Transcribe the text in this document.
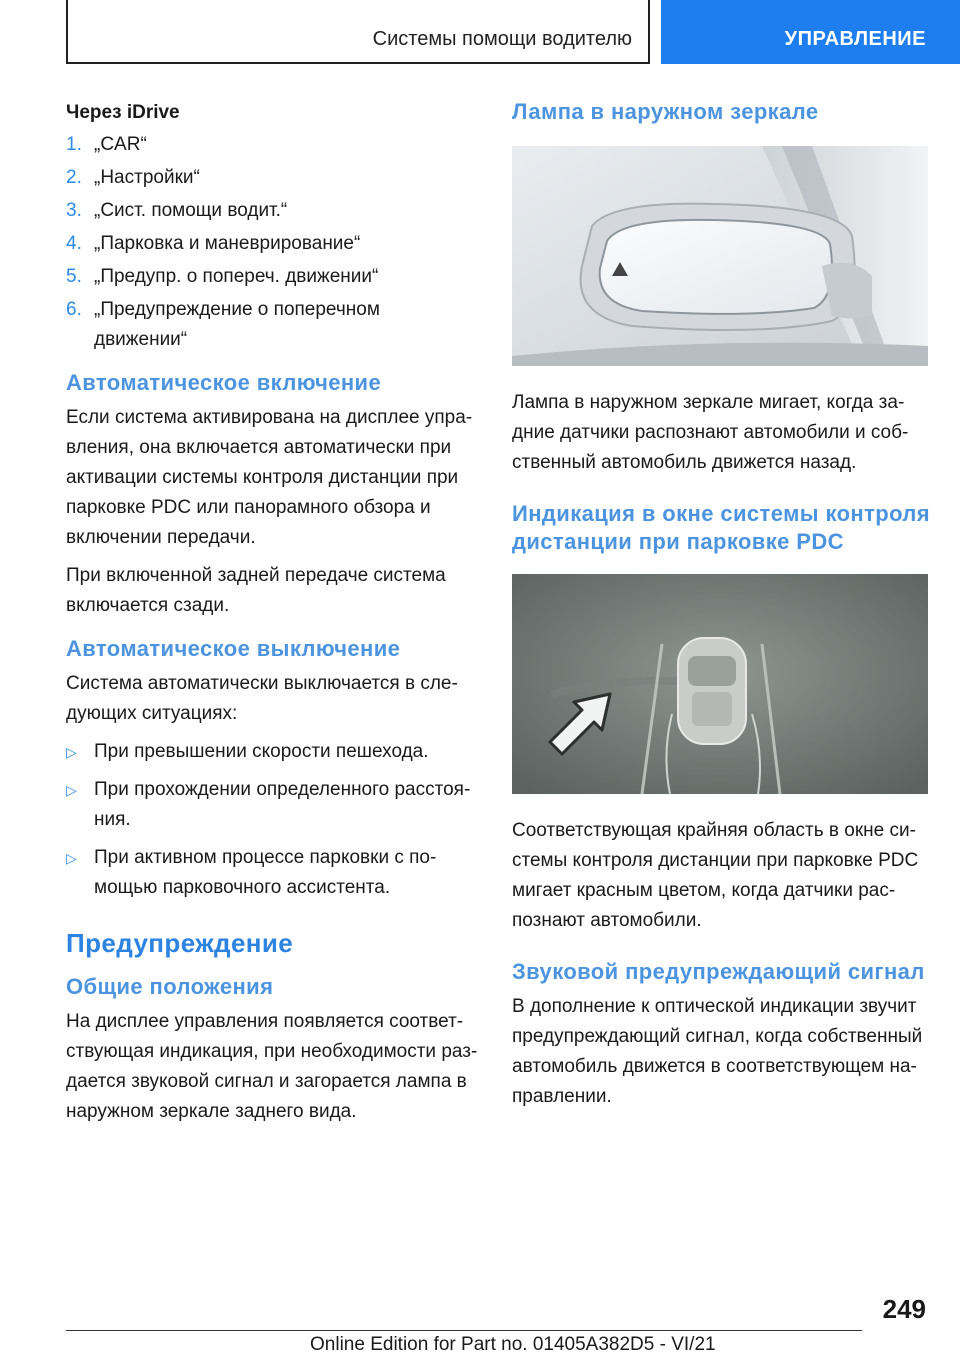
Системы помощи водителю	УПРАВЛЕНИЕ
Через iDrive
1. „CAR“
2. „Настройки“
3. „Сист. помощи водит.“
4. „Парковка и маневрирование“
5. „Предупр. о попереч. движении“
6. „Предупреждение о поперечном движении“
Автоматическое включение

Если система активирована на дисплее управления, она включается автоматически при активации системы контроля дистанции при парковке PDC или панорамного обзора и включении передачи.

При включенной задней передаче система включается сзади.

Автоматическое выключение

Система автоматически выключается в следующих ситуациях:

▷ При превышении скорости пешехода.
▷ При прохождении определенного расстояния.
▷ При активном процессе парковки с помощью парковочного ассистента.
Предупреждение
Общие положения

На дисплее управления появляется соответствующая индикация, при необходимости раздается звуковой сигнал и загорается лампа в наружном зеркале заднего вида.

Лампа в наружном зеркале

Лампа в наружном зеркале мигает, когда задние датчики распознают автомобили и собственный автомобиль движется назад.

Индикация в окне системы контроля дистанции при парковке PDC

Соответствующая крайняя область в окне системы контроля дистанции при парковке PDC мигает красным цветом, когда датчики распознают автомобили.

Звуковой предупреждающий сигнал

В дополнение к оптической индикации звучит предупреждающий сигнал, когда собственный автомобиль движется в соответствующем направлении.

249
Online Edition for Part no. 01405A382D5 - VI/21
